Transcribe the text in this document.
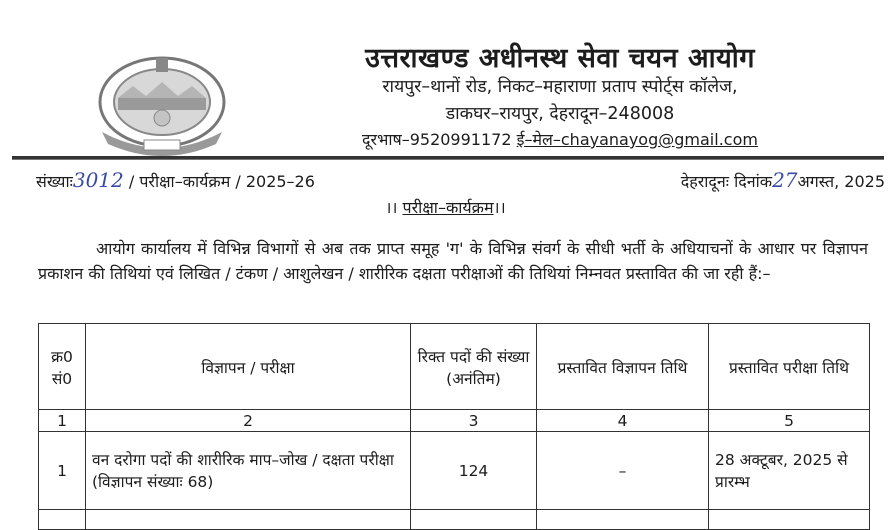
उत्तराखण्ड अधीनस्थ सेवा चयन आयोग
रायपुर–थानों रोड, निकट–महाराणा प्रताप स्पोर्ट्स कॉलेज,
डाकघर–रायपुर, देहरादून–248008
दूरभाष–9520991172 ई–मेल–chayanayog@gmail.com
संख्याः3012 / परीक्षा–कार्यक्रम / 2025–26	देहरादूनः दिनांक27अगस्त, 2025
।। परीक्षा–कार्यक्रम।।
आयोग कार्यालय में विभिन्न विभागों से अब तक प्राप्त समूह 'ग' के विभिन्न संवर्ग के सीधी भर्ती के अधियाचनों के आधार पर विज्ञापन प्रकाशन की तिथियां एवं लिखित / टंकण / आशुलेखन / शारीरिक दक्षता परीक्षाओं की तिथियां निम्नवत प्रस्तावित की जा रही हैं:–
क्र0 सं0	विज्ञापन / परीक्षा	रिक्त पदों की संख्या (अनंतिम)	प्रस्तावित विज्ञापन तिथि	प्रस्तावित परीक्षा तिथि
1	2	3	4	5
1	वन दरोगा पदों की शारीरिक माप–जोख / दक्षता परीक्षा (विज्ञापन संख्याः 68)	124	–	28 अक्टूबर, 2025 से प्रारम्भ
